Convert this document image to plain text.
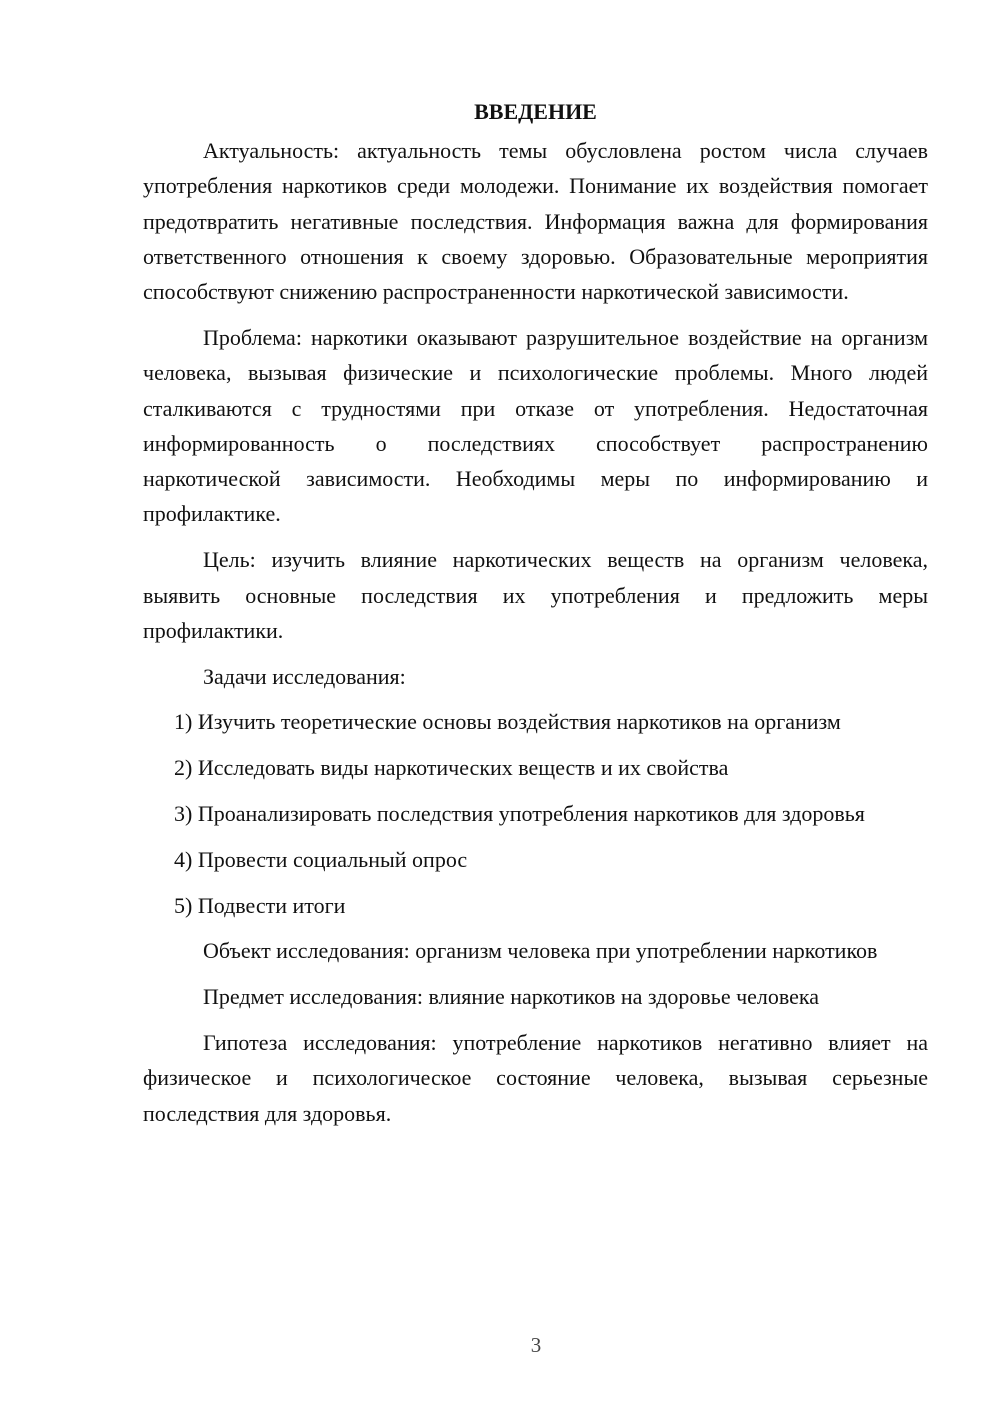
ВВЕДЕНИЕ

Актуальность: актуальность темы обусловлена ростом числа случаев употребления наркотиков среди молодежи. Понимание их воздействия помогает предотвратить негативные последствия. Информация важна для формирования ответственного отношения к своему здоровью. Образовательные мероприятия способствуют снижению распространенности наркотической зависимости.

Проблема: наркотики оказывают разрушительное воздействие на организм человека, вызывая физические и психологические проблемы. Много людей сталкиваются с трудностями при отказе от употребления. Недостаточная информированность о последствиях способствует распространению наркотической зависимости. Необходимы меры по информированию и профилактике.

Цель: изучить влияние наркотических веществ на организм человека, выявить основные последствия их употребления и предложить меры профилактики.

Задачи исследования:

1) Изучить теоретические основы воздействия наркотиков на организм

2) Исследовать виды наркотических веществ и их свойства

3) Проанализировать последствия употребления наркотиков для здоровья

4) Провести социальный опрос

5) Подвести итоги

Объект исследования: организм человека при употреблении наркотиков

Предмет исследования: влияние наркотиков на здоровье человека

Гипотеза исследования: употребление наркотиков негативно влияет на физическое и психологическое состояние человека, вызывая серьезные последствия для здоровья.

3
